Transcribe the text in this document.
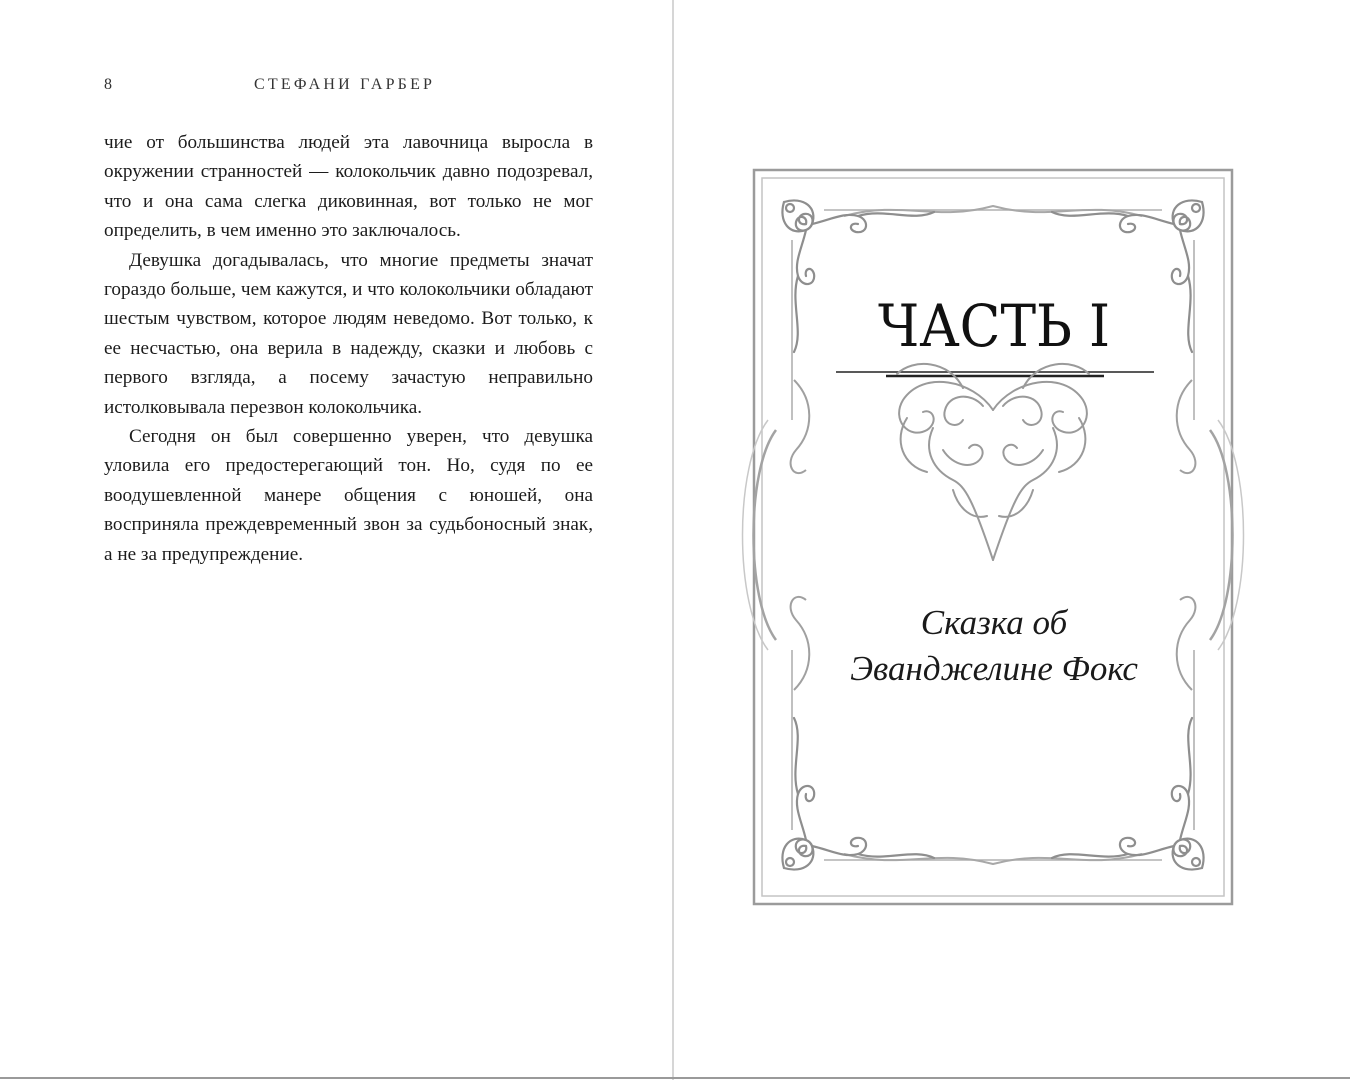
8	СТЕФАНИ ГАРБЕР

чие от большинства людей эта лавочница выросла в окружении странностей — колокольчик давно подозревал, что и она сама слегка диковинная, вот только не мог определить, в чем именно это заключалось.

Девушка догадывалась, что многие предметы значат гораздо больше, чем кажутся, и что колокольчики обладают шестым чувством, которое людям неведомо. Вот только, к ее несчастью, она верила в надежду, сказки и любовь с первого взгляда, а посему зачастую неправильно истолковывала перезвон колокольчика.

Сегодня он был совершенно уверен, что девушка уловила его предостерегающий тон. Но, судя по ее воодушевленной манере общения с юношей, она восприняла преждевременный звон за судьбоносный знак, а не за предупреждение.

ЧАСТЬ I
Сказка об
Эванджелине Фокс
